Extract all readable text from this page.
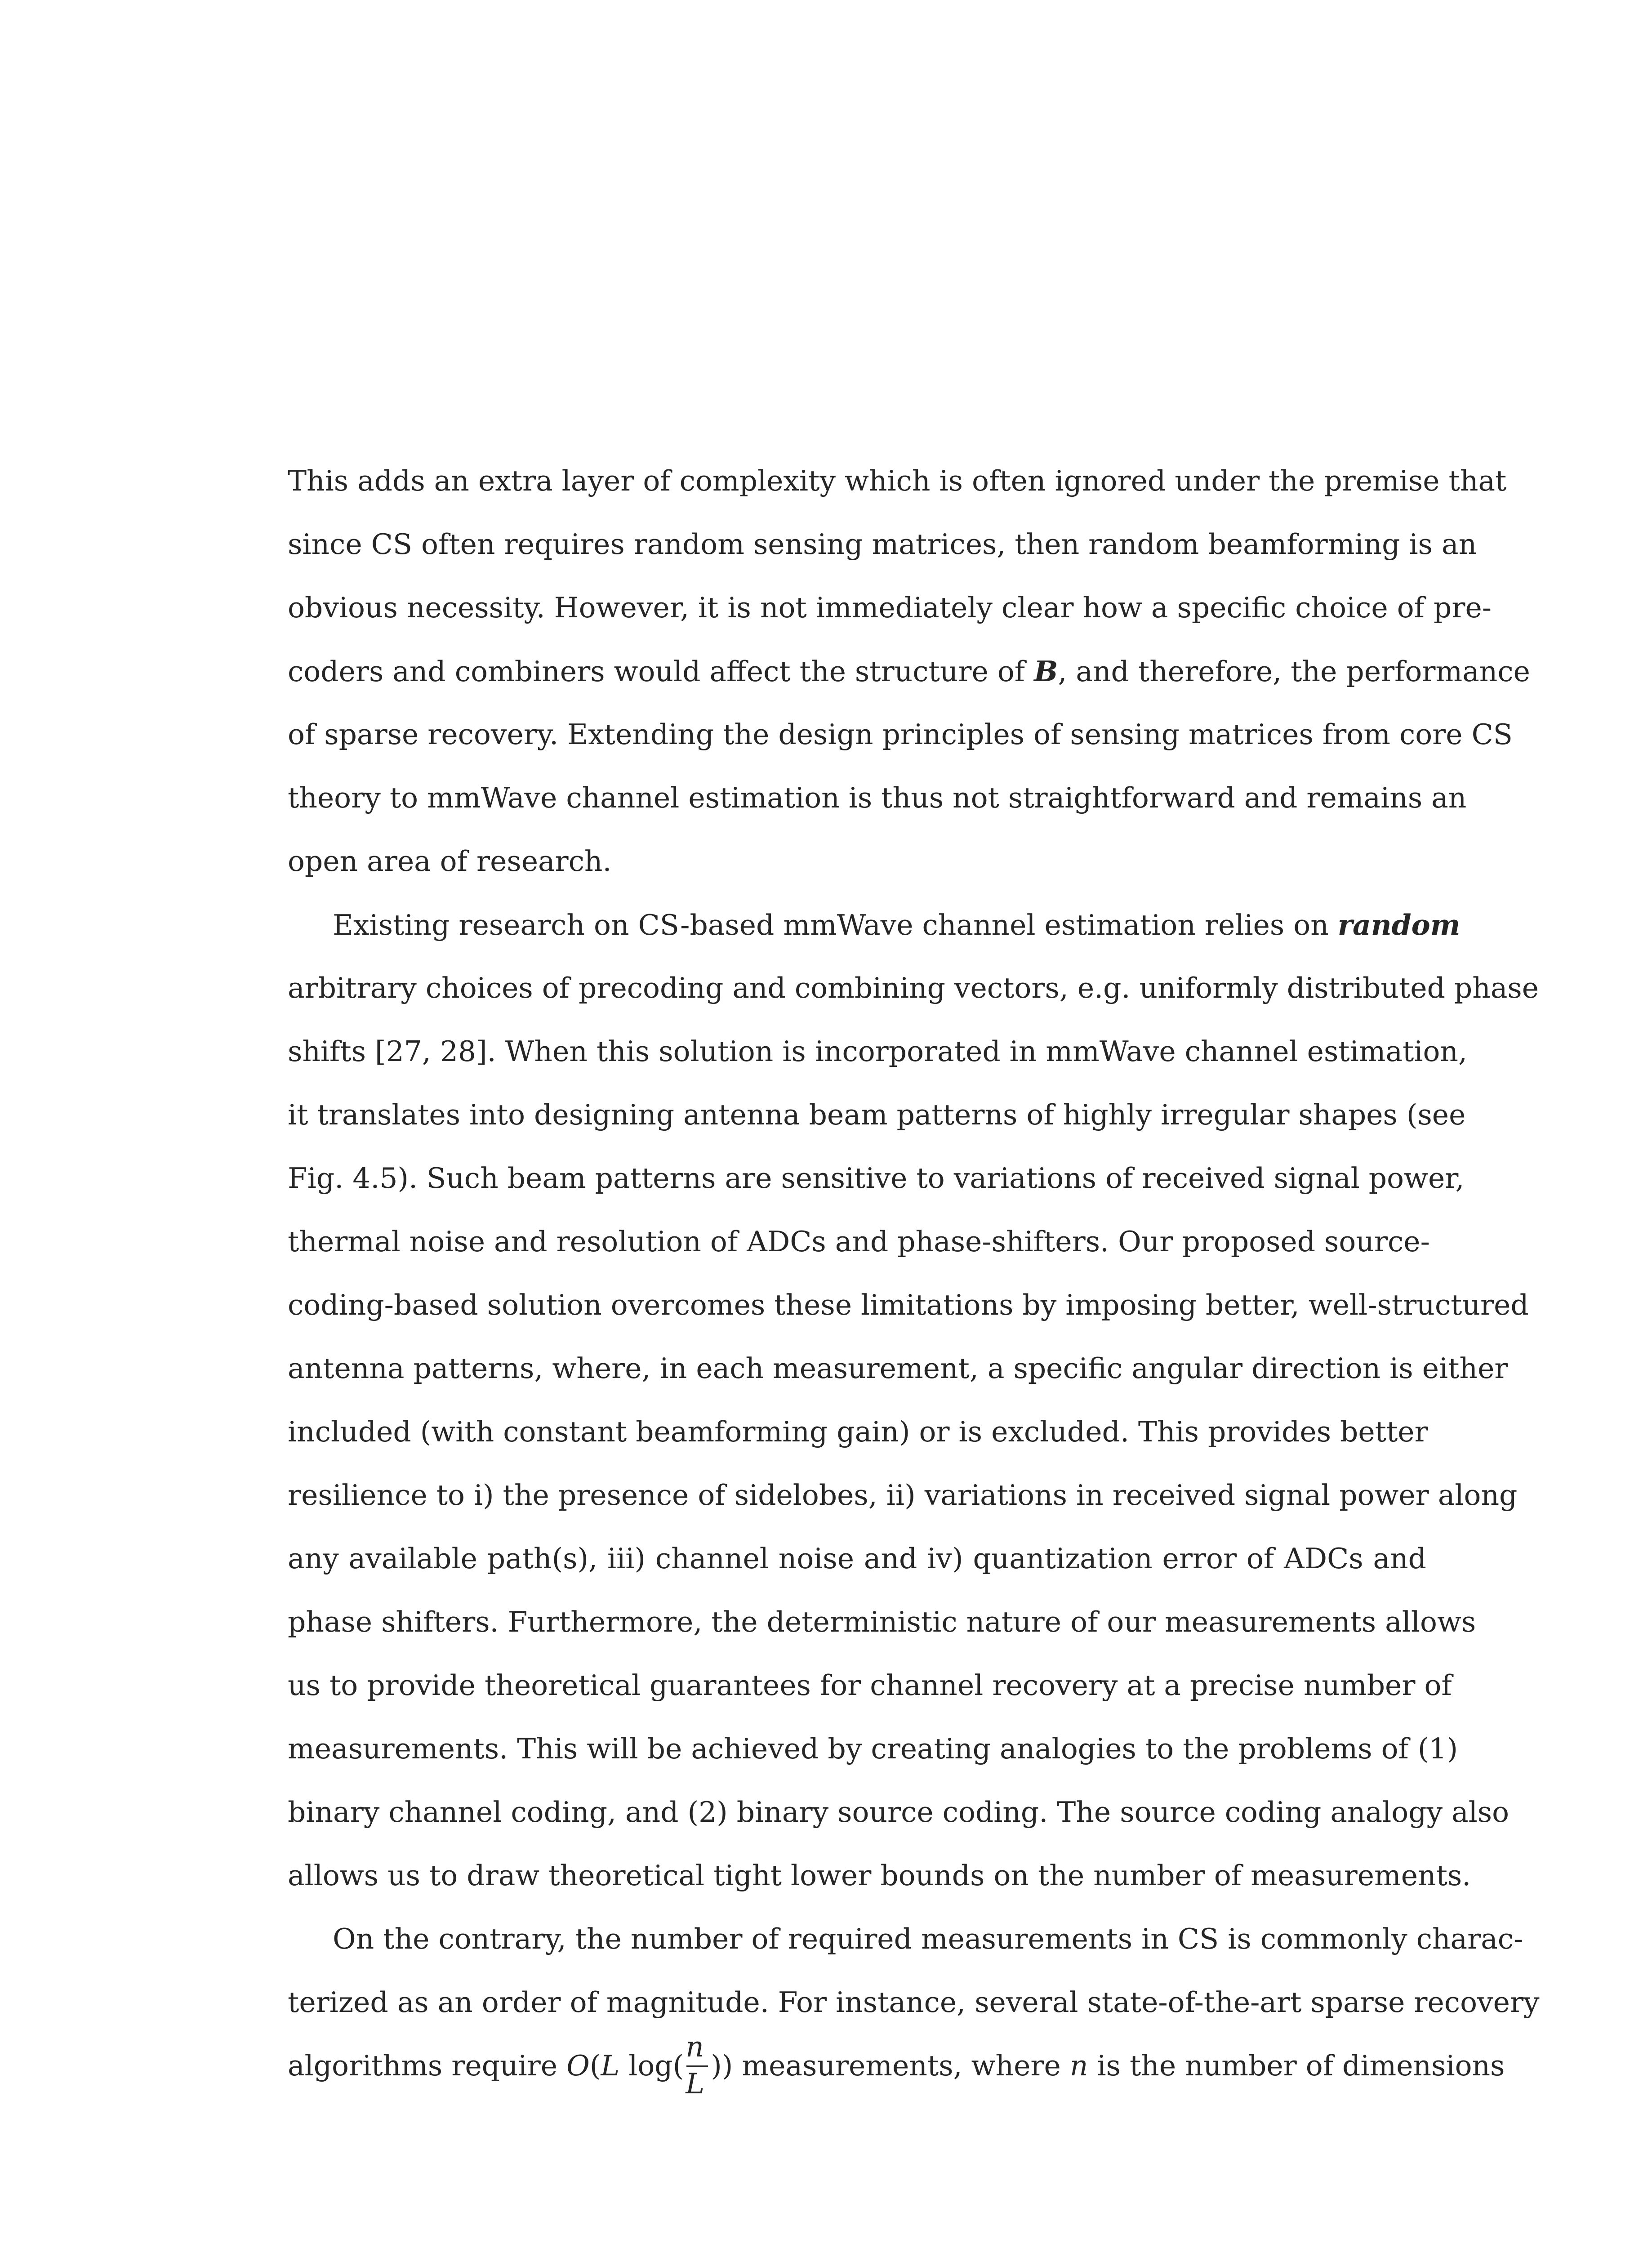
This adds an extra layer of complexity which is often ignored under the premise that
since CS often requires random sensing matrices, then random beamforming is an
obvious necessity. However, it is not immediately clear how a specific choice of pre-
coders and combiners would affect the structure of B, and therefore, the performance
of sparse recovery. Extending the design principles of sensing matrices from core CS
theory to mmWave channel estimation is thus not straightforward and remains an
open area of research.
Existing research on CS-based mmWave channel estimation relies on random
arbitrary choices of precoding and combining vectors, e.g. uniformly distributed phase
shifts [27, 28]. When this solution is incorporated in mmWave channel estimation,
it translates into designing antenna beam patterns of highly irregular shapes (see
Fig. 4.5). Such beam patterns are sensitive to variations of received signal power,
thermal noise and resolution of ADCs and phase-shifters. Our proposed source-
coding-based solution overcomes these limitations by imposing better, well-structured
antenna patterns, where, in each measurement, a specific angular direction is either
included (with constant beamforming gain) or is excluded. This provides better
resilience to i) the presence of sidelobes, ii) variations in received signal power along
any available path(s), iii) channel noise and iv) quantization error of ADCs and
phase shifters. Furthermore, the deterministic nature of our measurements allows
us to provide theoretical guarantees for channel recovery at a precise number of
measurements. This will be achieved by creating analogies to the problems of (1)
binary channel coding, and (2) binary source coding. The source coding analogy also
allows us to draw theoretical tight lower bounds on the number of measurements.
On the contrary, the number of required measurements in CS is commonly charac-
terized as an order of magnitude. For instance, several state-of-the-art sparse recovery
algorithms require O(L $\log( \frac{n}{L}$ )) measurements, where n is the number of dimensions
